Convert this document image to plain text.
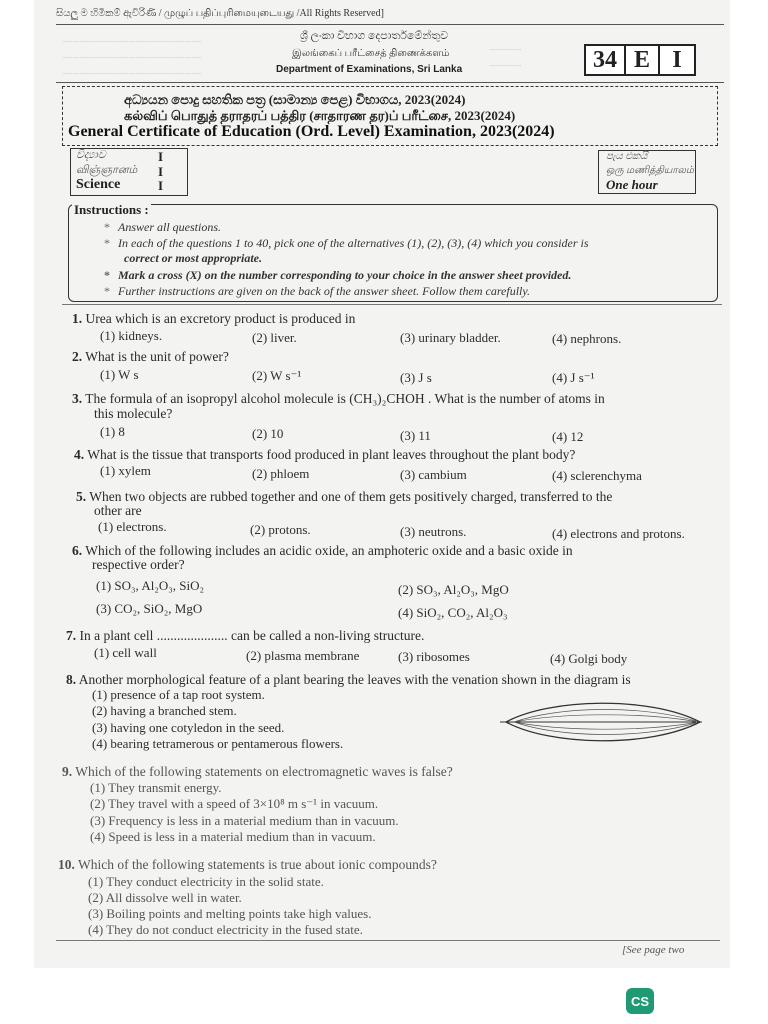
සියලු ම හිමිකම් ඇවිරිණි / முழுப் பதிப்புரிமையுடையது /All Rights Reserved]
................................................................................
................................................................................
................................................................................
..................
..................
ශ්‍රී ලංකා විභාග දෙපාර්තමේන්තුව
இலங்கைப் பரீட்சைத் திணைக்களம்
Department of Examinations, Sri Lanka	34 E I
අධ්‍යයන පොදු සහතික පත්‍ර (සාමාන්‍ය පෙළ) විභාගය, 2023(2024)
கல்விப் பொதுத் தராதரப் பத்திர (சாதாரண தர)ப் பரீட்சை, 2023(2024)
General Certificate of Education (Ord. Level) Examination, 2023(2024)
විද්‍යාව
விஞ்ஞானம்
Science
I
I
I
පැය එකයි
ஒரு மணித்தியாலம்
One hour
Instructions :
* Answer all questions.
* In each of the questions 1 to 40, pick one of the alternatives (1), (2), (3), (4) which you consider is
correct or most appropriate.
* Mark a cross (X) on the number corresponding to your choice in the answer sheet provided.
* Further instructions are given on the back of the answer sheet. Follow them carefully.
1. Urea which is an excretory product is produced in
(1) kidneys.	(2) liver.	(3) urinary bladder.	(4) nephrons.
2. What is the unit of power?
(1) W s	(2) W s⁻¹	(3) J s	(4) J s⁻¹
3. The formula of an isopropyl alcohol molecule is (CH₃)₂CHOH . What is the number of atoms in
this molecule?
(1) 8	(2) 10	(3) 11	(4) 12
4. What is the tissue that transports food produced in plant leaves throughout the plant body?
(1) xylem	(2) phloem	(3) cambium	(4) sclerenchyma
5. When two objects are rubbed together and one of them gets positively charged, transferred to the
other are
(1) electrons.	(2) protons.	(3) neutrons.	(4) electrons and protons.
6. Which of the following includes an acidic oxide, an amphoteric oxide and a basic oxide in
respective order?
(1) SO₃, Al₂O₃, SiO₂	(2) SO₃, Al₂O₃, MgO
(3) CO₂, SiO₂, MgO	(4) SiO₂, CO₂, Al₂O₃
7. In a plant cell ..................... can be called a non-living structure.
(1) cell wall	(2) plasma membrane	(3) ribosomes	(4) Golgi body
8. Another morphological feature of a plant bearing the leaves with the venation shown in the diagram is
(1) presence of a tap root system.
(2) having a branched stem.
(3) having one cotyledon in the seed.
(4) bearing tetramerous or pentamerous flowers.
9. Which of the following statements on electromagnetic waves is false?
(1) They transmit energy.
(2) They travel with a speed of 3×10⁸ m s⁻¹ in vacuum.
(3) Frequency is less in a material medium than in vacuum.
(4) Speed is less in a material medium than in vacuum.
10. Which of the following statements is true about ionic compounds?
(1) They conduct electricity in the solid state.
(2) All dissolve well in water.
(3) Boiling points and melting points take high values.
(4) They do not conduct electricity in the fused state.
[See page two
CS
